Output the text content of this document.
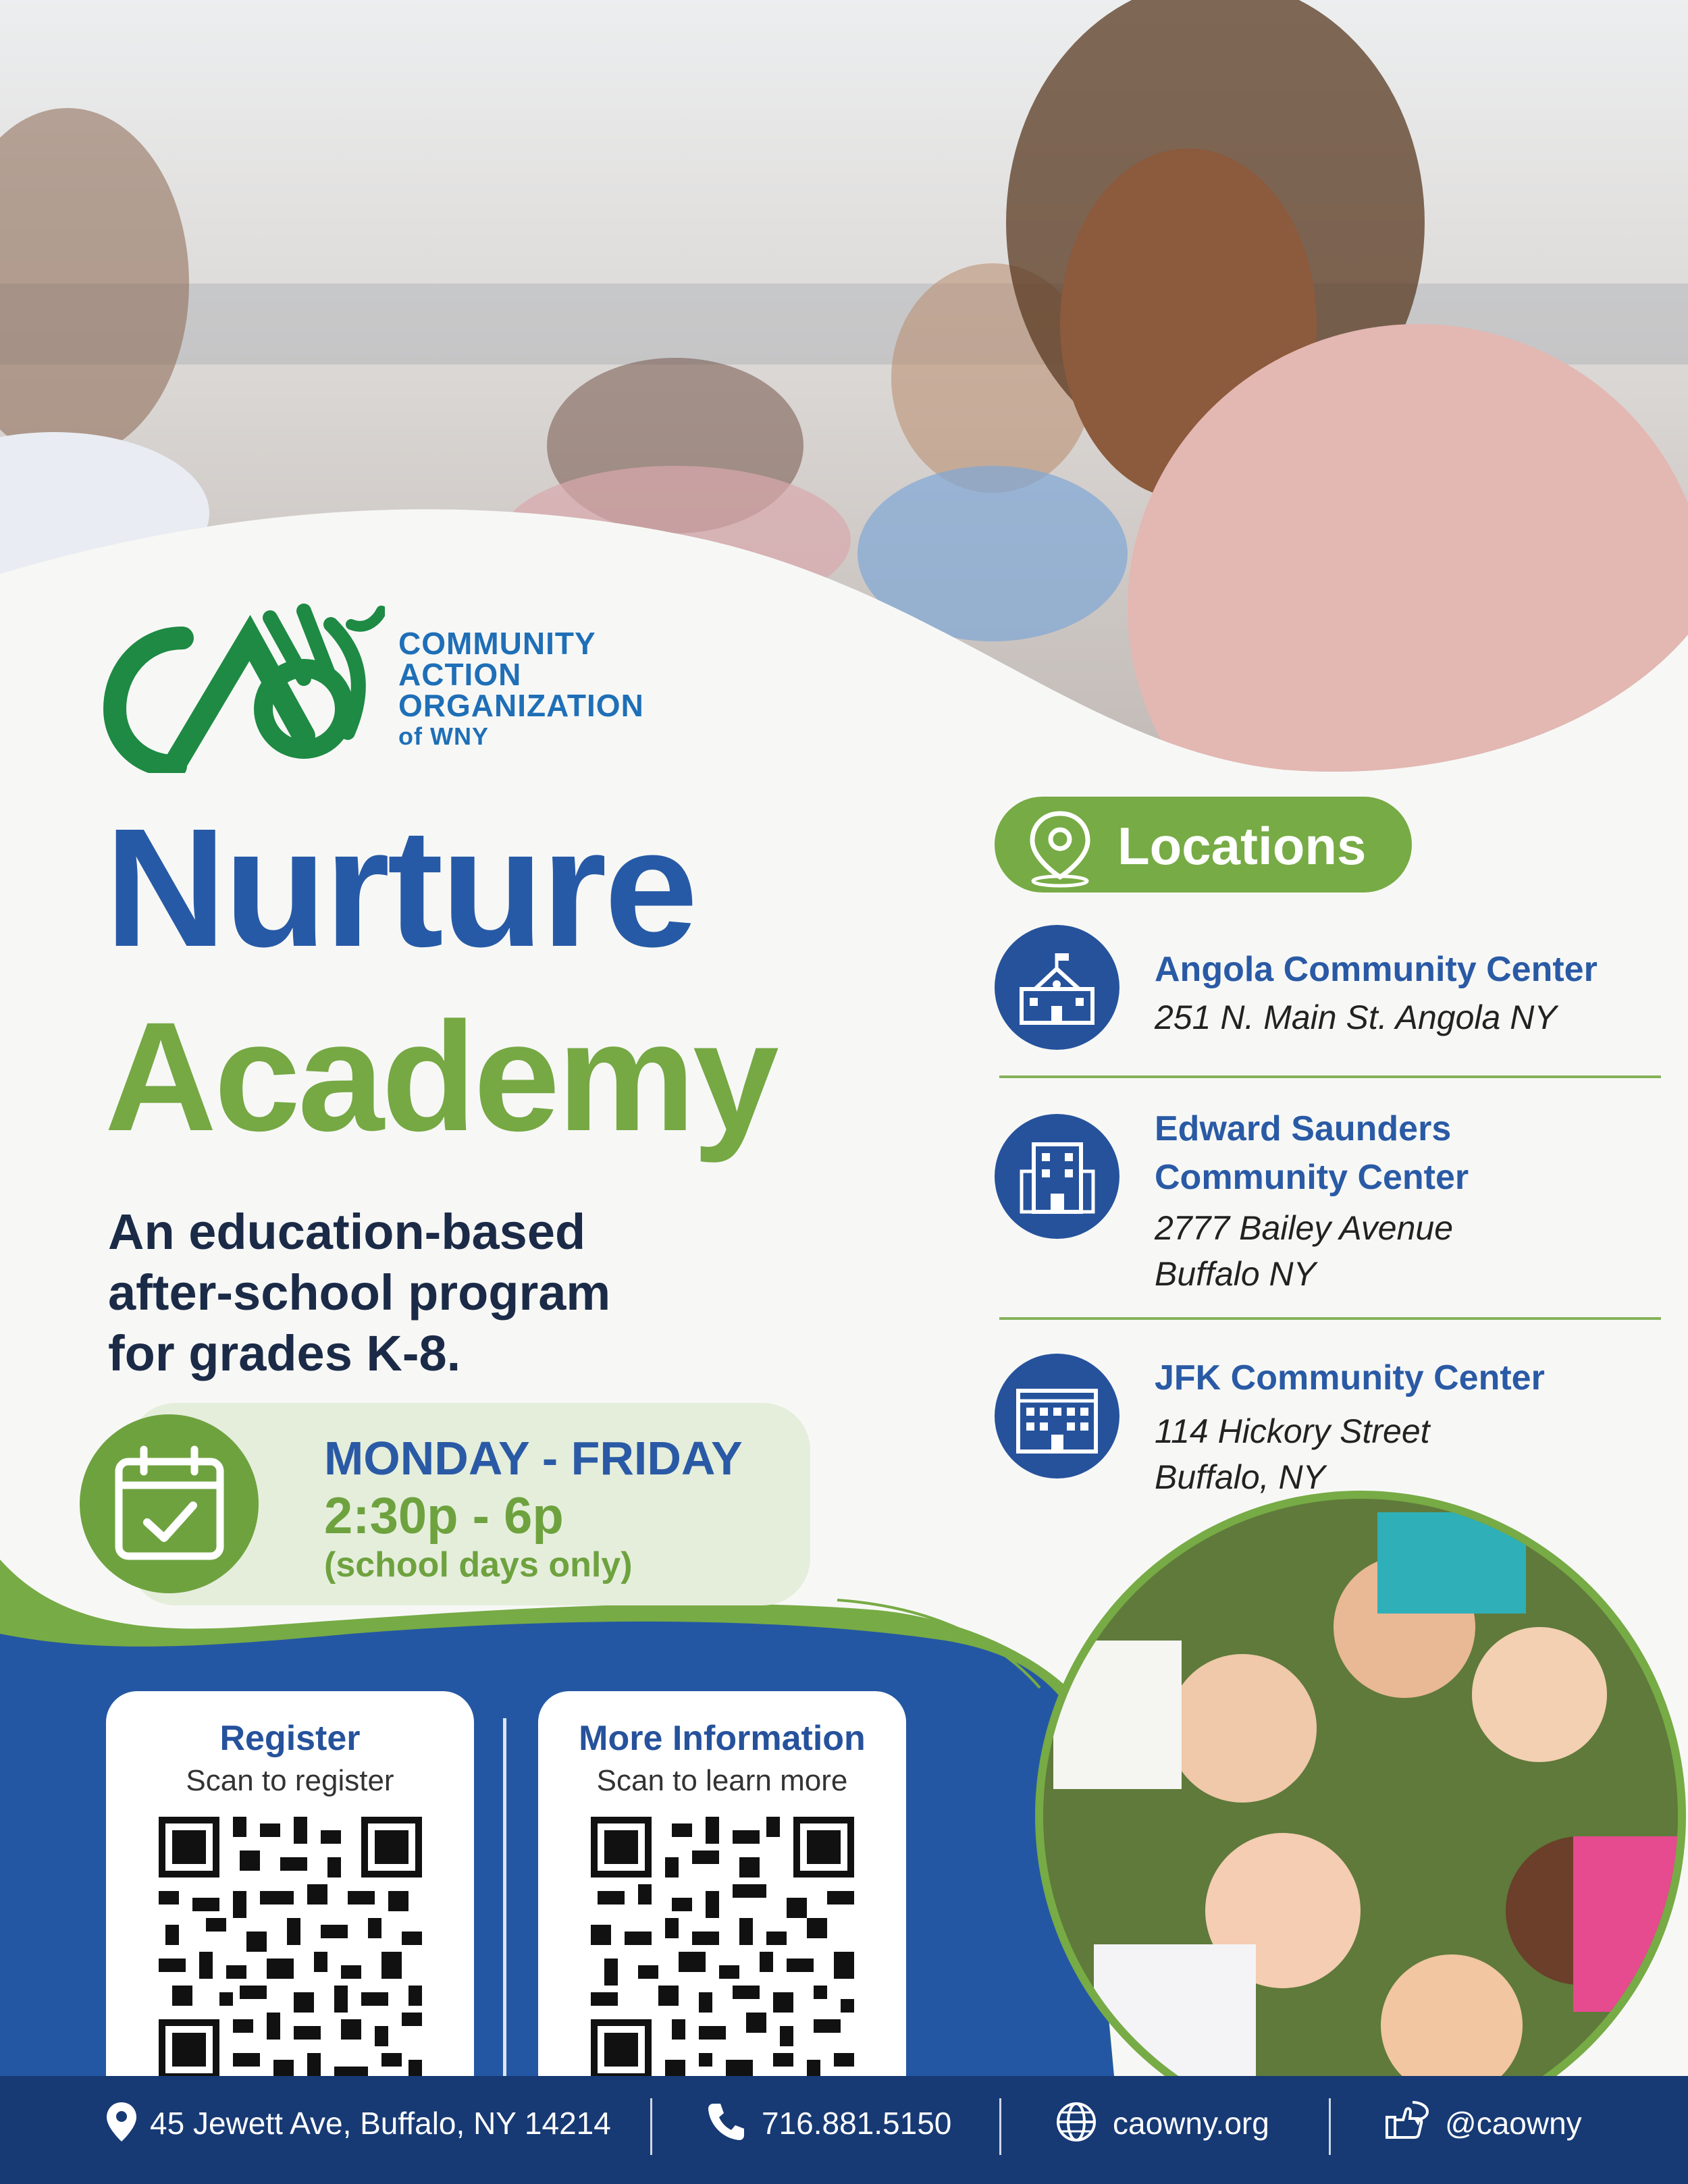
COMMUNITY
ACTION
ORGANIZATION
of WNY
Nurture
Academy
An education-based
after-school program
for grades K-8.
MONDAY - FRIDAY
2:30p - 6p
(school days only)
Locations
Angola Community Center
251 N. Main St. Angola NY
Edward Saunders
Community Center
2777 Bailey Avenue
Buffalo NY
JFK Community Center
114 Hickory Street
Buffalo, NY
Register
Scan to register
More Information
Scan to learn more
45 Jewett Ave, Buffalo, NY 14214	716.881.5150	caowny.org	@caowny
